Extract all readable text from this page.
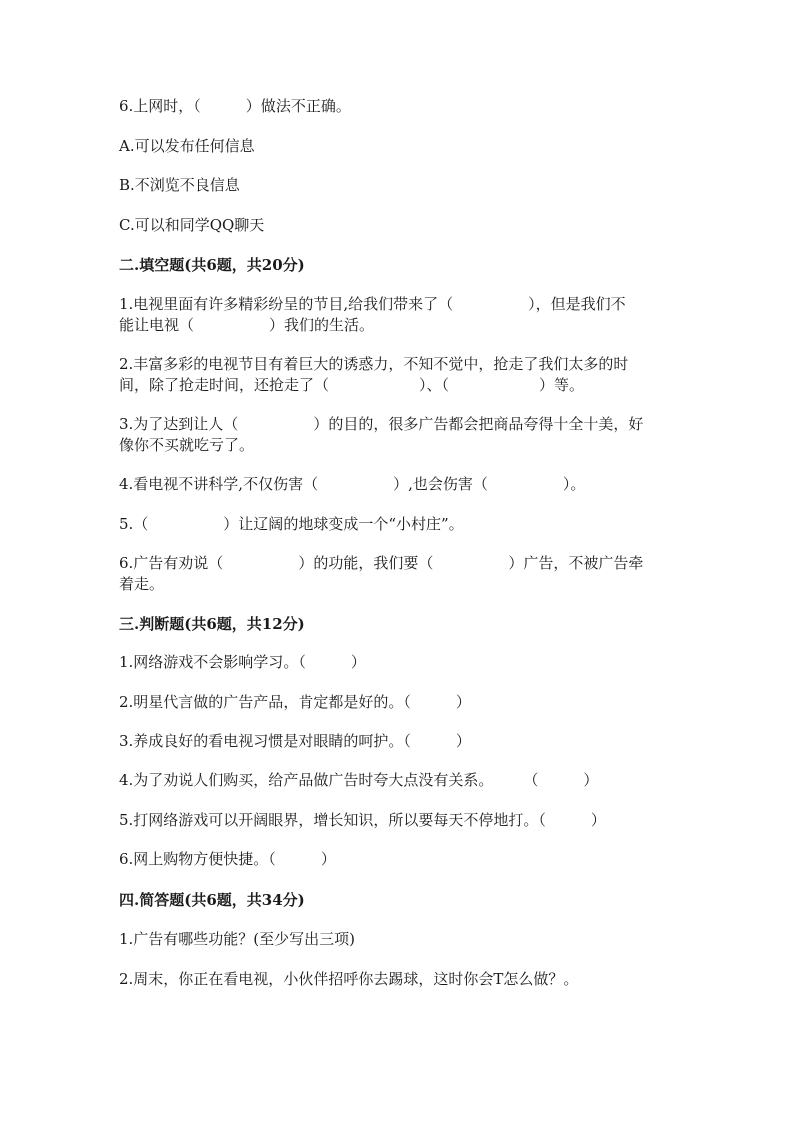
6.上网时，（　　　）做法不正确。
A.可以发布任何信息
B.不浏览不良信息
C.可以和同学QQ聊天
二.填空题(共6题，共20分)
1.电视里面有许多精彩纷呈的节目,给我们带来了（　　　　　），但是我们不
能让电视（　　　　　）我们的生活。
2.丰富多彩的电视节目有着巨大的诱惑力，不知不觉中，抢走了我们太多的时
间，除了抢走时间，还抢走了（　　　　　　）、（　　　　　　）等。
3.为了达到让人（　　　　　）的目的，很多广告都会把商品夸得十全十美，好
像你不买就吃亏了。
4.看电视不讲科学,不仅伤害（　　　　　）,也会伤害（　　　　　）。
5.（　　　　　）让辽阔的地球变成一个“小村庄”。
6.广告有劝说（　　　　　）的功能，我们要（　　　　　）广告，不被广告牵
着走。
三.判断题(共6题，共12分)
1.网络游戏不会影响学习。（　　　）
2.明星代言做的广告产品，肯定都是好的。（　　　）
3.养成良好的看电视习惯是对眼睛的呵护。（　　　）
4.为了劝说人们购买，给产品做广告时夸大点没有关系。　　　（　　　）
5.打网络游戏可以开阔眼界，增长知识，所以要每天不停地打。（　　　）
6.网上购物方便快捷。（　　　）
四.简答题(共6题，共34分)
1.广告有哪些功能？(至少写出三项)
2.周末，你正在看电视，小伙伴招呼你去踢球，这时你会T怎么做？。
